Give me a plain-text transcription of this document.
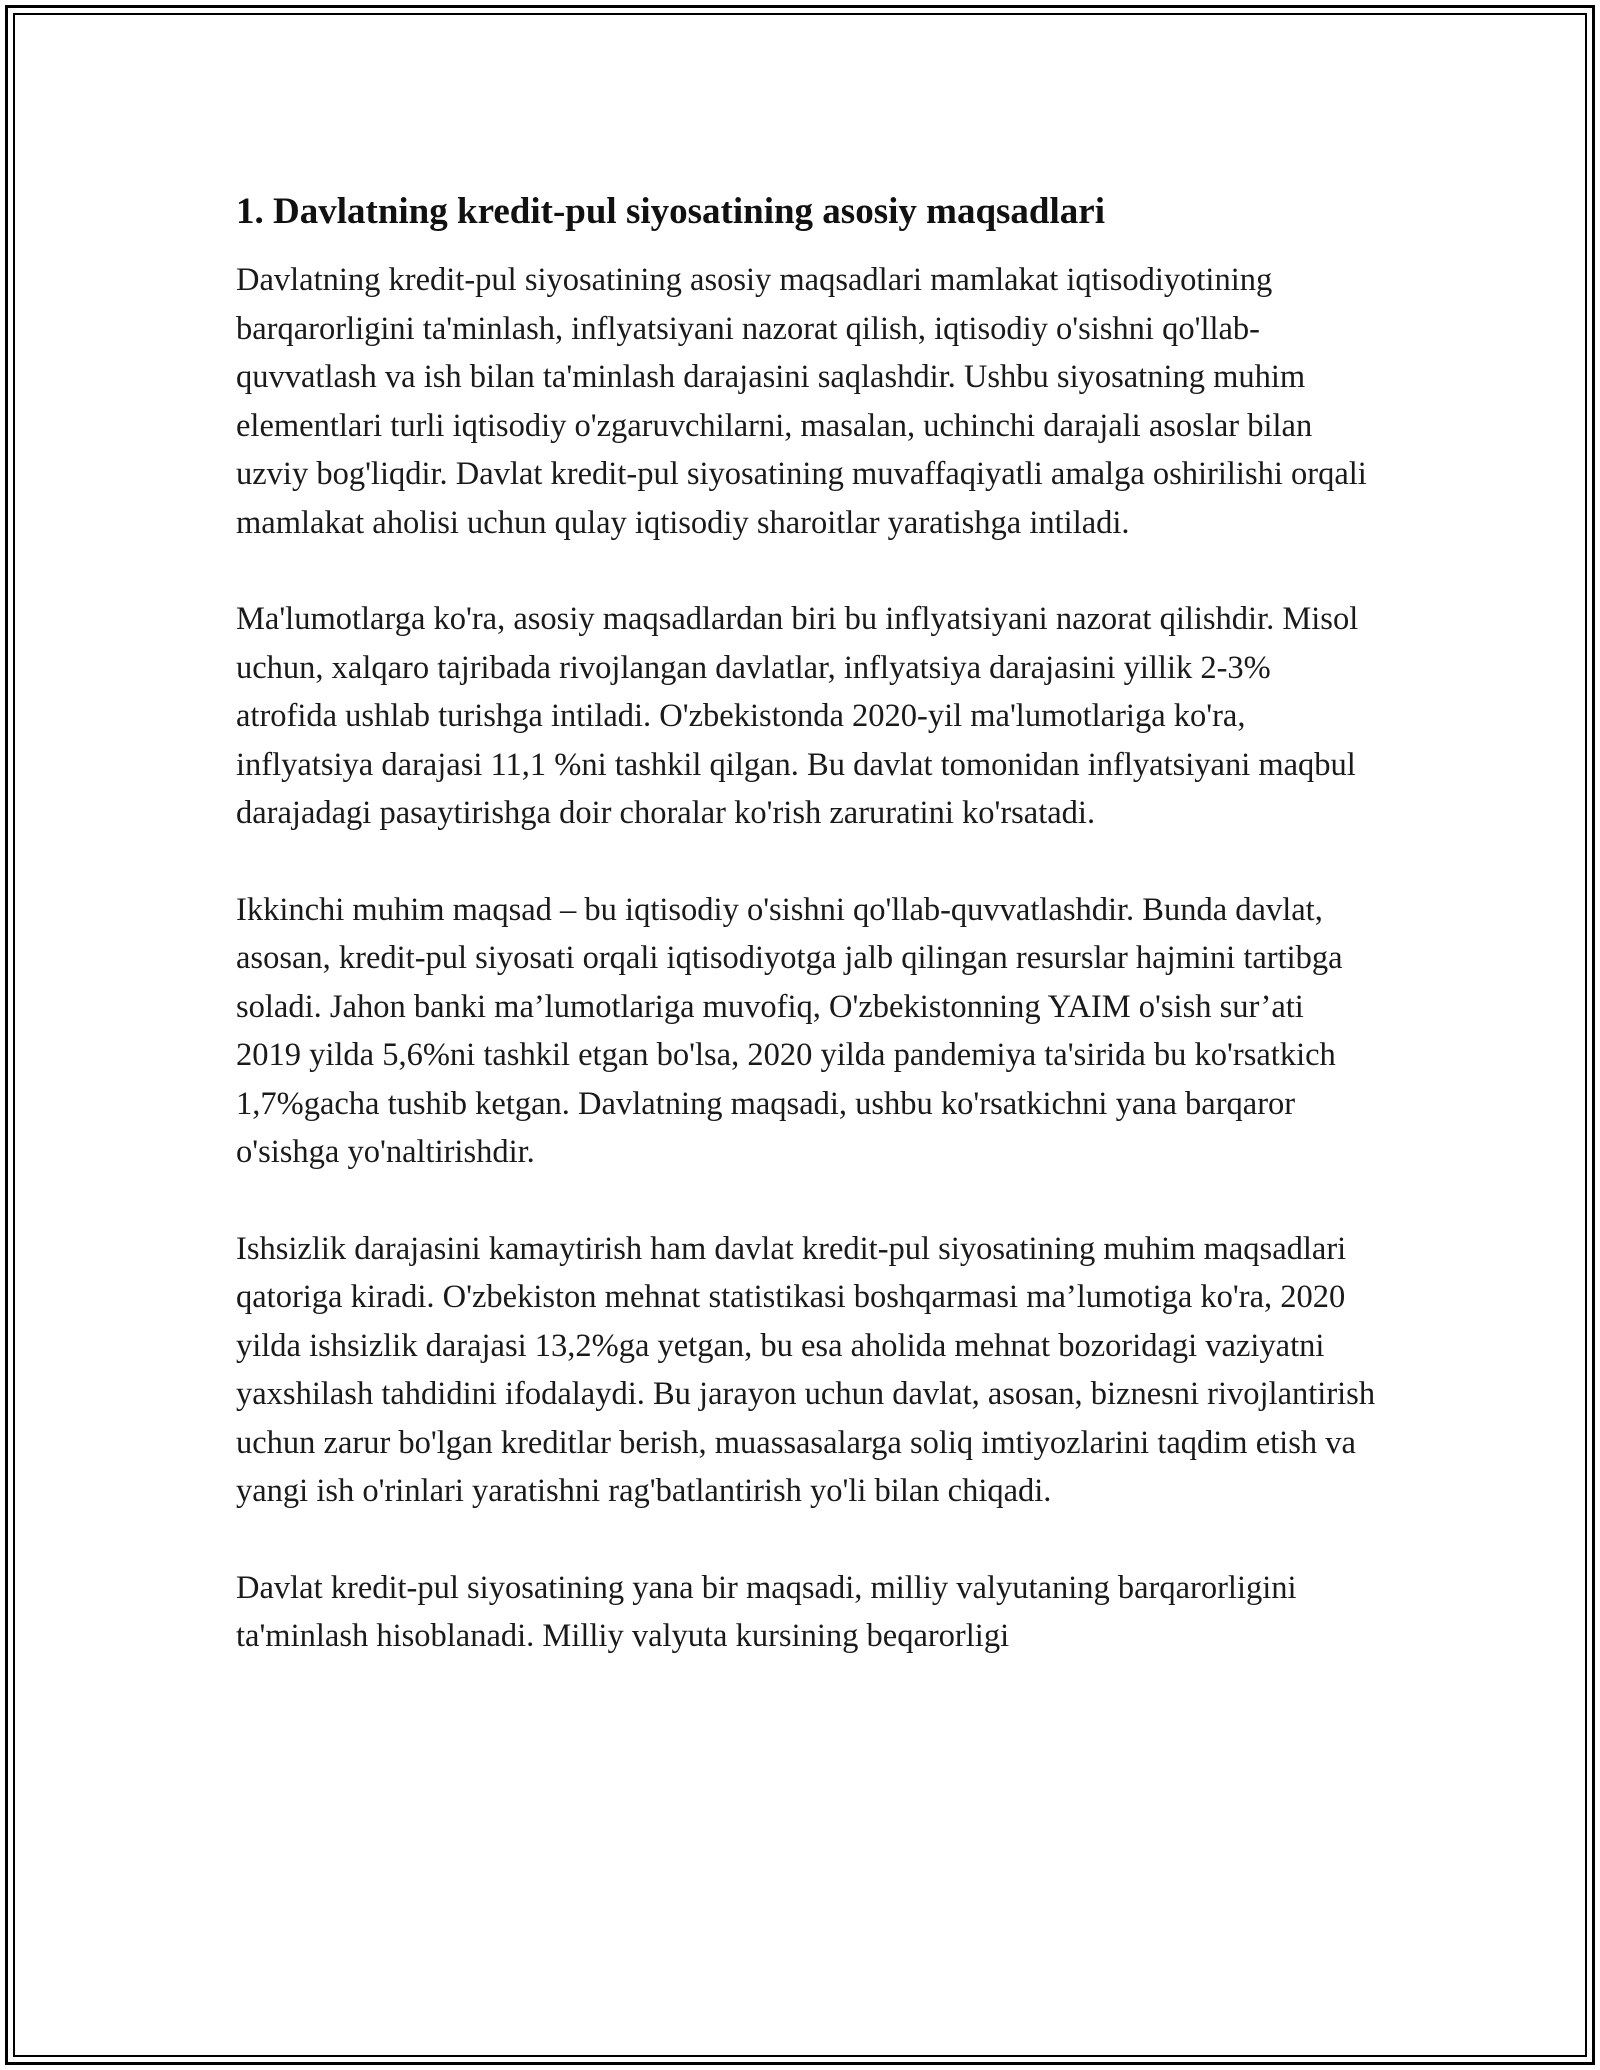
1. Davlatning kredit-pul siyosatining asosiy maqsadlari

Davlatning kredit-pul siyosatining asosiy maqsadlari mamlakat iqtisodiyotining barqarorligini ta'minlash, inflyatsiyani nazorat qilish, iqtisodiy o'sishni qo'llab-quvvatlash va ish bilan ta'minlash darajasini saqlashdir. Ushbu siyosatning muhim elementlari turli iqtisodiy o'zgaruvchilarni, masalan, uchinchi darajali asoslar bilan uzviy bog'liqdir. Davlat kredit-pul siyosatining muvaffaqiyatli amalga oshirilishi orqali mamlakat aholisi uchun qulay iqtisodiy sharoitlar yaratishga intiladi.

Ma'lumotlarga ko'ra, asosiy maqsadlardan biri bu inflyatsiyani nazorat qilishdir. Misol uchun, xalqaro tajribada rivojlangan davlatlar, inflyatsiya darajasini yillik 2-3% atrofida ushlab turishga intiladi. O'zbekistonda 2020-yil ma'lumotlariga ko'ra, inflyatsiya darajasi 11,1 %ni tashkil qilgan. Bu davlat tomonidan inflyatsiyani maqbul darajadagi pasaytirishga doir choralar ko'rish zaruratini ko'rsatadi.

Ikkinchi muhim maqsad – bu iqtisodiy o'sishni qo'llab-quvvatlashdir. Bunda davlat, asosan, kredit-pul siyosati orqali iqtisodiyotga jalb qilingan resurslar hajmini tartibga soladi. Jahon banki ma’lumotlariga muvofiq, O'zbekistonning YAIM o'sish sur’ati 2019 yilda 5,6%ni tashkil etgan bo'lsa, 2020 yilda pandemiya ta'sirida bu ko'rsatkich 1,7%gacha tushib ketgan. Davlatning maqsadi, ushbu ko'rsatkichni yana barqaror o'sishga yo'naltirishdir.

Ishsizlik darajasini kamaytirish ham davlat kredit-pul siyosatining muhim maqsadlari qatoriga kiradi. O'zbekiston mehnat statistikasi boshqarmasi ma’lumotiga ko'ra, 2020 yilda ishsizlik darajasi 13,2%ga yetgan, bu esa aholida mehnat bozoridagi vaziyatni yaxshilash tahdidini ifodalaydi. Bu jarayon uchun davlat, asosan, biznesni rivojlantirish uchun zarur bo'lgan kreditlar berish, muassasalarga soliq imtiyozlarini taqdim etish va yangi ish o'rinlari yaratishni rag'batlantirish yo'li bilan chiqadi.

Davlat kredit-pul siyosatining yana bir maqsadi, milliy valyutaning barqarorligini ta'minlash hisoblanadi. Milliy valyuta kursining beqarorligi
